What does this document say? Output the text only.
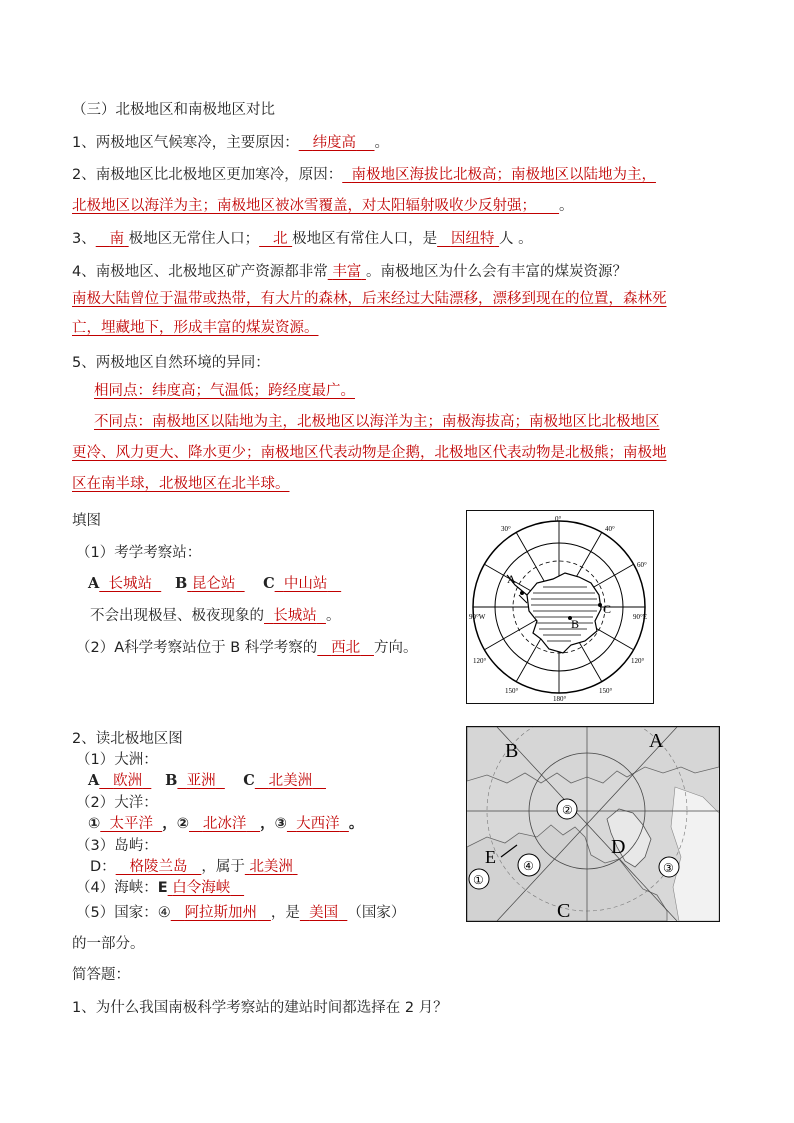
（三）北极地区和南极地区对比
1、两极地区气候寒冷，主要原因： 纬度高 。
2、南极地区比北极地区更加寒冷，原因： 南极地区海拔比北极高；南极地区以陆地为主，
北极地区以海洋为主；南极地区被冰雪覆盖，对太阳辐射吸收少反射强； 。
3、 南 极地区无常住人口； 北 极地区有常住人口，是 因纽特 人 。
4、南极地区、北极地区矿产资源都非常 丰富 。南极地区为什么会有丰富的煤炭资源？
南极大陆曾位于温带或热带，有大片的森林，后来经过大陆漂移，漂移到现在的位置，森林死
亡，埋藏地下，形成丰富的煤炭资源。
5、两极地区自然环境的异同：
相同点：纬度高；气温低；跨经度最广。
不同点：南极地区以陆地为主，北极地区以海洋为主；南极海拔高；南极地区比北极地区
更冷、风力更大、降水更少；南极地区代表动物是企鹅，北极地区代表动物是北极熊；南极地
区在南半球，北极地区在北半球。
填图
（1）考学考察站：
A 长城站 B 昆仑站 C 中山站
不会出现极昼、极夜现象的 长城站 。
（2）A科学考察站位于 B 科学考察的 西北 方向。
A
B
C
0°
30°	40°
60°
90°W	90°E
120°
150°
180°
150°
120°
2、读北极地区图
（1）大洲：
A 欧洲 B 亚洲 C 北美洲
（2）大洋：
① 太平洋 ，② 北冰洋 ，③ 大西洋 。
（3）岛屿：
D： 格陵兰岛 ，属于 北美洲
（4）海峡：E 白令海峡
（5）国家：④ 阿拉斯加州 ，是 美国 （国家）
的一部分。
②
④
①
③
B	A
D
E
C
简答题：
1、为什么我国南极科学考察站的建站时间都选择在 2 月？
